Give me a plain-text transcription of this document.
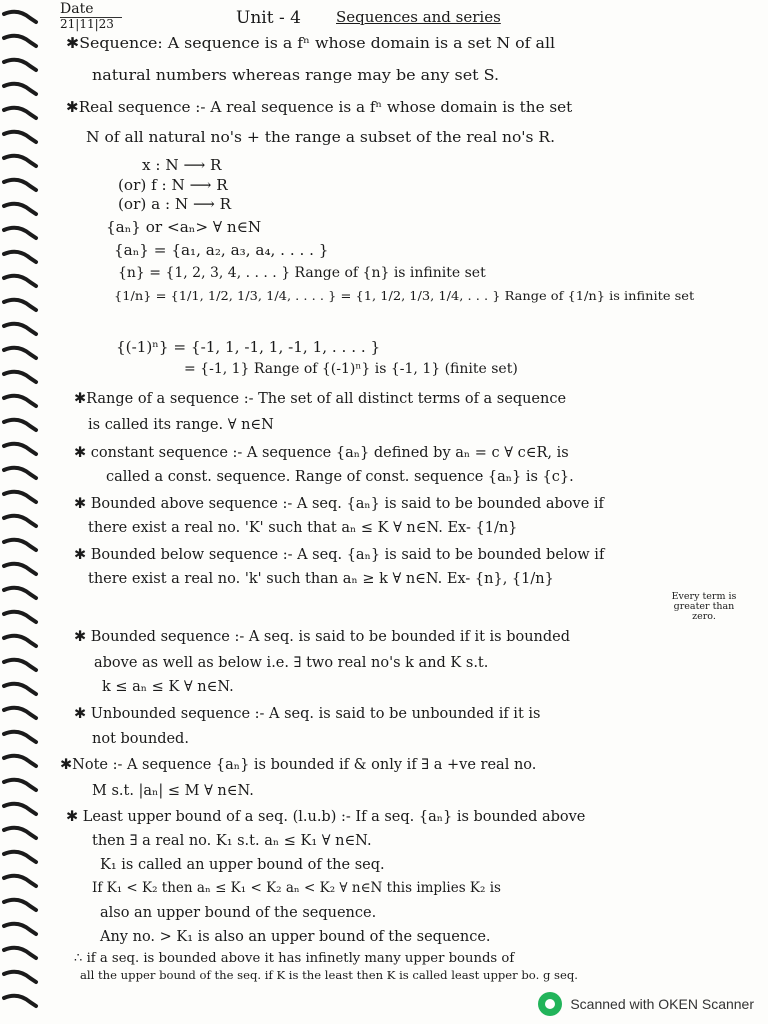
Date
21|11|23	Unit - 4 Sequences and series
✱Sequence: A sequence is a fⁿ whose domain is a set N of all
natural numbers whereas range may be any set S.
✱Real sequence :- A real sequence is a fⁿ whose domain is the set
N of all natural no's + the range a subset of the real no's R.
x : N ⟶ R
(or) f : N ⟶ R
(or) a : N ⟶ R
{aₙ} or <aₙ> ∀ n∈N
{aₙ} = {a₁, a₂, a₃, a₄, . . . . }
{n} = {1, 2, 3, 4, . . . . } Range of {n} is infinite set
{1/n} = {1/1, 1/2, 1/3, 1/4, . . . . } = {1, 1/2, 1/3, 1/4, . . . } Range of {1/n} is infinite set
{(-1)ⁿ} = {-1, 1, -1, 1, -1, 1, . . . . }
= {-1, 1} Range of {(-1)ⁿ} is {-1, 1} (finite set)
✱Range of a sequence :- The set of all distinct terms of a sequence
is called its range. ∀ n∈N
✱ constant sequence :- A sequence {aₙ} defined by aₙ = c ∀ c∈R, is
called a const. sequence. Range of const. sequence {aₙ} is {c}.
✱ Bounded above sequence :- A seq. {aₙ} is said to be bounded above if
there exist a real no. 'K' such that aₙ ≤ K ∀ n∈N. Ex- {1/n}
✱ Bounded below sequence :- A seq. {aₙ} is said to be bounded below if
there exist a real no. 'k' such than aₙ ≥ k ∀ n∈N. Ex- {n}, {1/n}
Every term is greater than zero.
✱ Bounded sequence :- A seq. is said to be bounded if it is bounded
above as well as below i.e. ∃ two real no's k and K s.t.
k ≤ aₙ ≤ K ∀ n∈N.
✱ Unbounded sequence :- A seq. is said to be unbounded if it is
not bounded.
✱Note :- A sequence {aₙ} is bounded if & only if ∃ a +ve real no.
M s.t. |aₙ| ≤ M ∀ n∈N.
✱ Least upper bound of a seq. (l.u.b) :- If a seq. {aₙ} is bounded above
then ∃ a real no. K₁ s.t. aₙ ≤ K₁ ∀ n∈N.
K₁ is called an upper bound of the seq.
If K₁ < K₂ then aₙ ≤ K₁ < K₂ aₙ < K₂ ∀ n∈N this implies K₂ is
also an upper bound of the sequence.
Any no. > K₁ is also an upper bound of the sequence.
∴ if a seq. is bounded above it has infinetly many upper bounds of
all the upper bound of the seq. if K is the least then K is called least upper bo. g seq.
Scanned with OKEN Scanner
